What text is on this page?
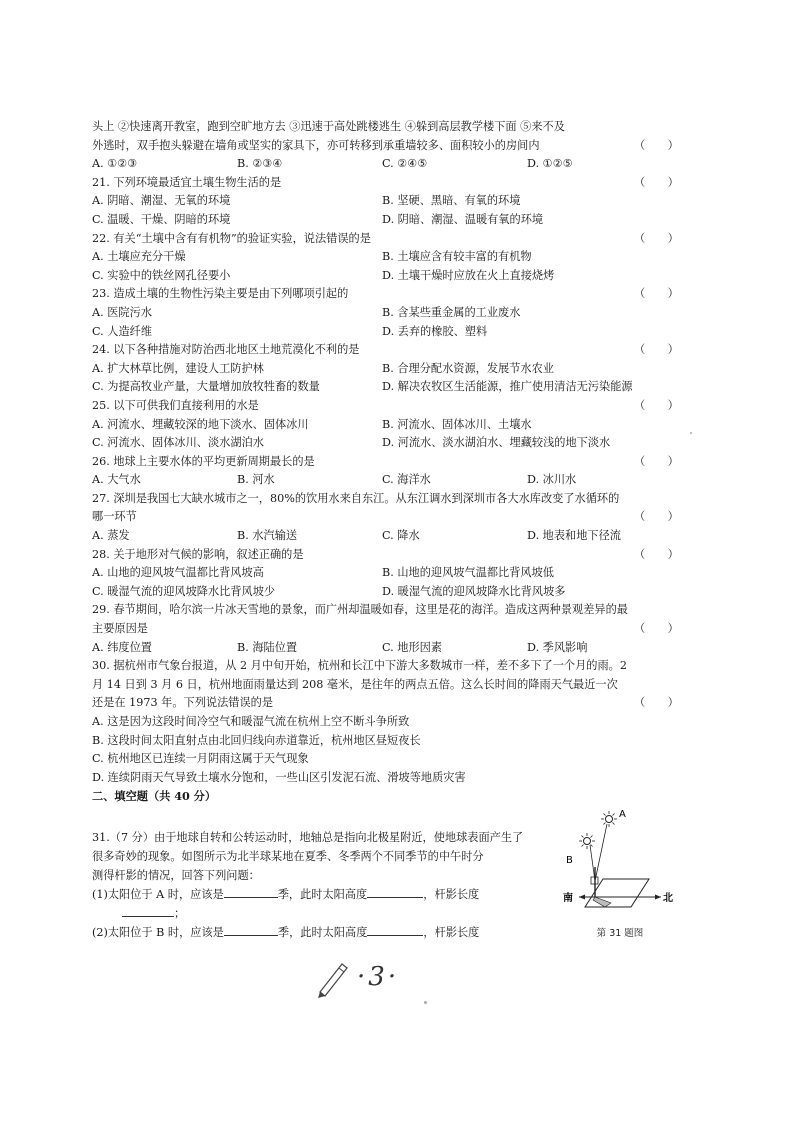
头上 ②快速离开教室，跑到空旷地方去 ③迅速于高处跳楼逃生 ④躲到高层教学楼下面 ⑤来不及
外逃时，双手抱头躲避在墙角或坚实的家具下，亦可转移到承重墙较多、面积较小的房间内	（　　）
A. ①②③	B. ②③④	C. ②④⑤	D. ①②⑤
21. 下列环境最适宜土壤生物生活的是	（　　）
A. 阴暗、潮湿、无氧的环境	B. 坚硬、黑暗、有氧的环境
C. 温暖、干燥、阴暗的环境	D. 阴暗、潮湿、温暖有氧的环境
22. 有关“土壤中含有有机物”的验证实验，说法错误的是	（　　）
A. 土壤应充分干燥	B. 土壤应含有较丰富的有机物
C. 实验中的铁丝网孔径要小	D. 土壤干燥时应放在火上直接烧烤
23. 造成土壤的生物性污染主要是由下列哪项引起的	（　　）
A. 医院污水	B. 含某些重金属的工业废水
C. 人造纤维	D. 丢弃的橡胶、塑料
24. 以下各种措施对防治西北地区土地荒漠化不利的是	（　　）
A. 扩大林草比例，建设人工防护林	B. 合理分配水资源，发展节水农业
C. 为提高牧业产量，大量增加放牧牲畜的数量	D. 解决农牧区生活能源，推广使用清洁无污染能源
25. 以下可供我们直接利用的水是	（　　）
A. 河流水、埋藏较深的地下淡水、固体冰川	B. 河流水、固体冰川、土壤水
C. 河流水、固体冰川、淡水湖泊水	D. 河流水、淡水湖泊水、埋藏较浅的地下淡水
26. 地球上主要水体的平均更新周期最长的是	（　　）
A. 大气水	B. 河水	C. 海洋水	D. 冰川水
27. 深圳是我国七大缺水城市之一，80%的饮用水来自东江。从东江调水到深圳市各大水库改变了水循环的
哪一环节	（　　）
A. 蒸发	B. 水汽输送	C. 降水	D. 地表和地下径流
28. 关于地形对气候的影响，叙述正确的是	（　　）
A. 山地的迎风坡气温都比背风坡高	B. 山地的迎风坡气温都比背风坡低
C. 暖湿气流的迎风坡降水比背风坡少	D. 暖湿气流的迎风坡降水比背风坡多
29. 春节期间，哈尔滨一片冰天雪地的景象，而广州却温暖如春，这里是花的海洋。造成这两种景观差异的最
主要原因是	（　　）
A. 纬度位置	B. 海陆位置	C. 地形因素	D. 季风影响
30. 据杭州市气象台报道，从 2 月中旬开始，杭州和长江中下游大多数城市一样，差不多下了一个月的雨。2
月 14 日到 3 月 6 日，杭州地面雨量达到 208 毫米，是往年的两点五倍。这么长时间的降雨天气最近一次
还是在 1973 年。下列说法错误的是	（　　）
A. 这是因为这段时间冷空气和暖湿气流在杭州上空不断斗争所致
B. 这段时间太阳直射点由北回归线向赤道靠近，杭州地区昼短夜长
C. 杭州地区已连续一月阴雨这属于天气现象
D. 连续阴雨天气导致土壤水分饱和，一些山区引发泥石流、滑坡等地质灾害
二、填空题（共 40 分）
31.（7 分）由于地球自转和公转运动时，地轴总是指向北极星附近，使地球表面产生了
很多奇妙的现象。如图所示为北半球某地在夏季、冬季两个不同季节的中午时分
测得杆影的情况，回答下列问题：
(1)太阳位于 A 时，应该是	季，此时太阳高度	，杆影长度
；
(2)太阳位于 B 时，应该是	季，此时太阳高度	，杆影长度
A
B
南	北
第 31 题图
·3·
